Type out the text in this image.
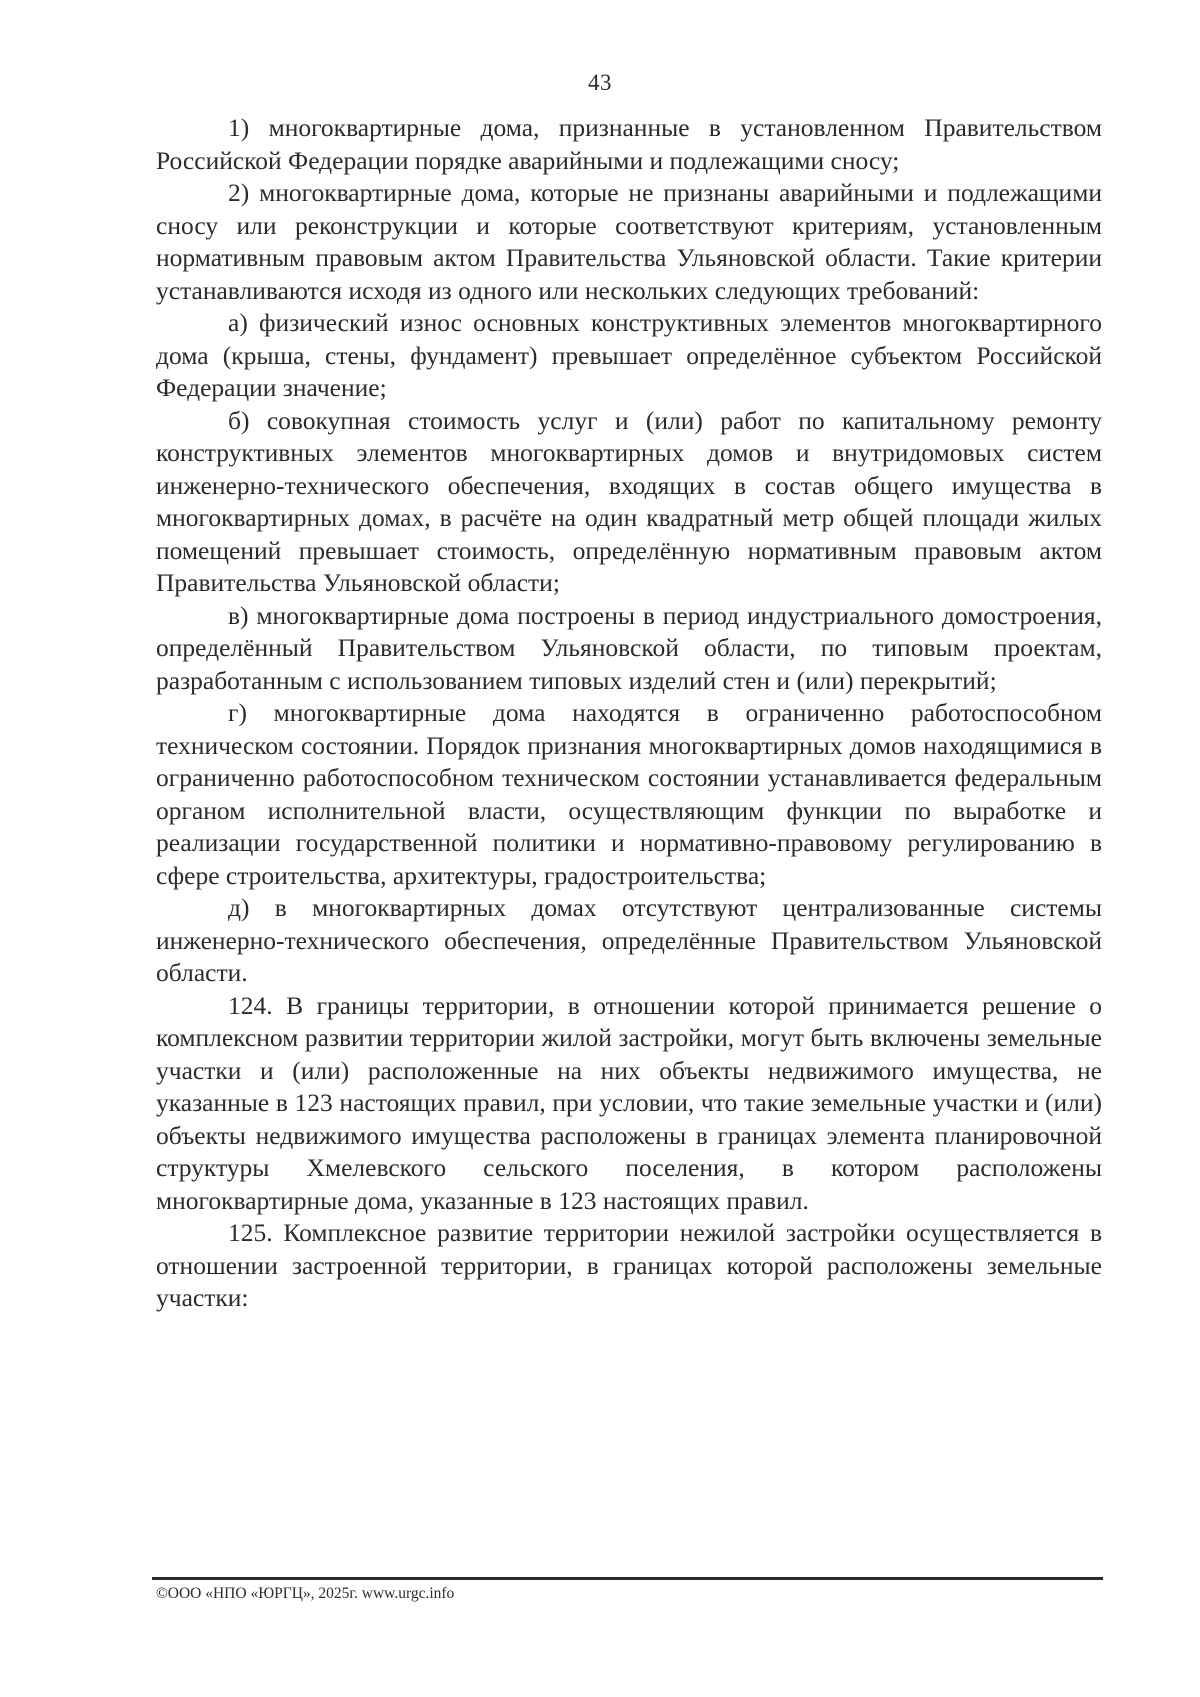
43

1) многоквартирные дома, признанные в установленном Правительством Российской Федерации порядке аварийными и подлежащими сносу;

2) многоквартирные дома, которые не признаны аварийными и подлежащими сносу или реконструкции и которые соответствуют критериям, установленным нормативным правовым актом Правительства Ульяновской области. Такие критерии устанавливаются исходя из одного или нескольких следующих требований:

а) физический износ основных конструктивных элементов многоквартирного дома (крыша, стены, фундамент) превышает определённое субъектом Российской Федерации значение;

б) совокупная стоимость услуг и (или) работ по капитальному ремонту конструктивных элементов многоквартирных домов и внутридомовых систем инженерно-технического обеспечения, входящих в состав общего имущества в многоквартирных домах, в расчёте на один квадратный метр общей площади жилых помещений превышает стоимость, определённую нормативным правовым актом Правительства Ульяновской области;

в) многоквартирные дома построены в период индустриального домостроения, определённый Правительством Ульяновской области, по типовым проектам, разработанным с использованием типовых изделий стен и (или) перекрытий;

г) многоквартирные дома находятся в ограниченно работоспособном техническом состоянии. Порядок признания многоквартирных домов находящимися в ограниченно работоспособном техническом состоянии устанавливается федеральным органом исполнительной власти, осуществляющим функции по выработке и реализации государственной политики и нормативно-правовому регулированию в сфере строительства, архитектуры, градостроительства;

д) в многоквартирных домах отсутствуют централизованные системы инженерно-технического обеспечения, определённые Правительством Ульяновской области.

124. В границы территории, в отношении которой принимается решение о комплексном развитии территории жилой застройки, могут быть включены земельные участки и (или) расположенные на них объекты недвижимого имущества, не указанные в 123 настоящих правил, при условии, что такие земельные участки и (или) объекты недвижимого имущества расположены в границах элемента планировочной структуры Хмелевского сельского поселения, в котором расположены многоквартирные дома, указанные в 123 настоящих правил.

125. Комплексное развитие территории нежилой застройки осуществляется в отношении застроенной территории, в границах которой расположены земельные участки:

©ООО «НПО «ЮРГЦ», 2025г. www.urgc.info
